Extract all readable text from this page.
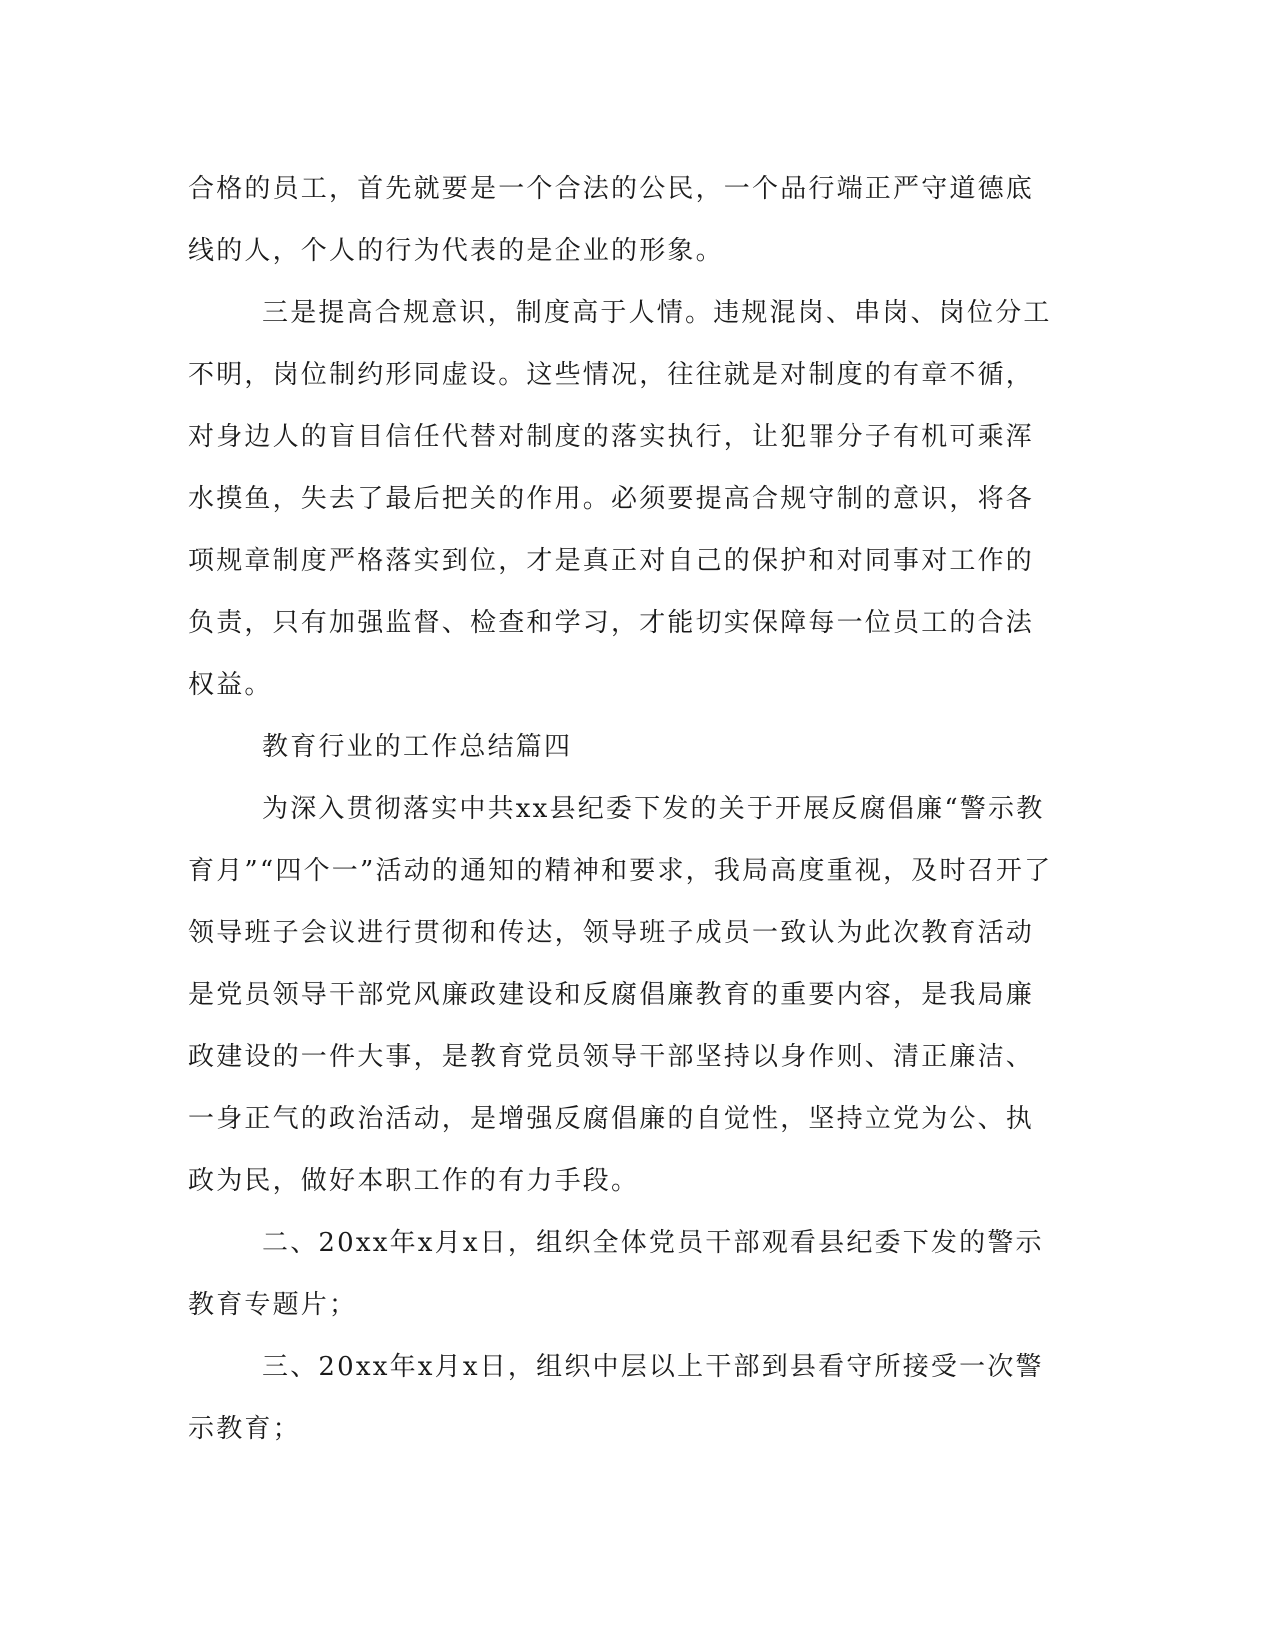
合格的员工，首先就要是一个合法的公民，一个品行端正严守道德底
线的人，个人的行为代表的是企业的形象。
三是提高合规意识，制度高于人情。违规混岗、串岗、岗位分工
不明，岗位制约形同虚设。这些情况，往往就是对制度的有章不循，
对身边人的盲目信任代替对制度的落实执行，让犯罪分子有机可乘浑
水摸鱼，失去了最后把关的作用。必须要提高合规守制的意识，将各
项规章制度严格落实到位，才是真正对自己的保护和对同事对工作的
负责，只有加强监督、检查和学习，才能切实保障每一位员工的合法
权益。
教育行业的工作总结篇四
为深入贯彻落实中共xx县纪委下发的关于开展反腐倡廉“警示教
育月”“四个一”活动的通知的精神和要求，我局高度重视，及时召开了
领导班子会议进行贯彻和传达，领导班子成员一致认为此次教育活动
是党员领导干部党风廉政建设和反腐倡廉教育的重要内容，是我局廉
政建设的一件大事，是教育党员领导干部坚持以身作则、清正廉洁、
一身正气的政治活动，是增强反腐倡廉的自觉性，坚持立党为公、执
政为民，做好本职工作的有力手段。
二、20xx年x月x日，组织全体党员干部观看县纪委下发的警示
教育专题片；
三、20xx年x月x日，组织中层以上干部到县看守所接受一次警
示教育；
